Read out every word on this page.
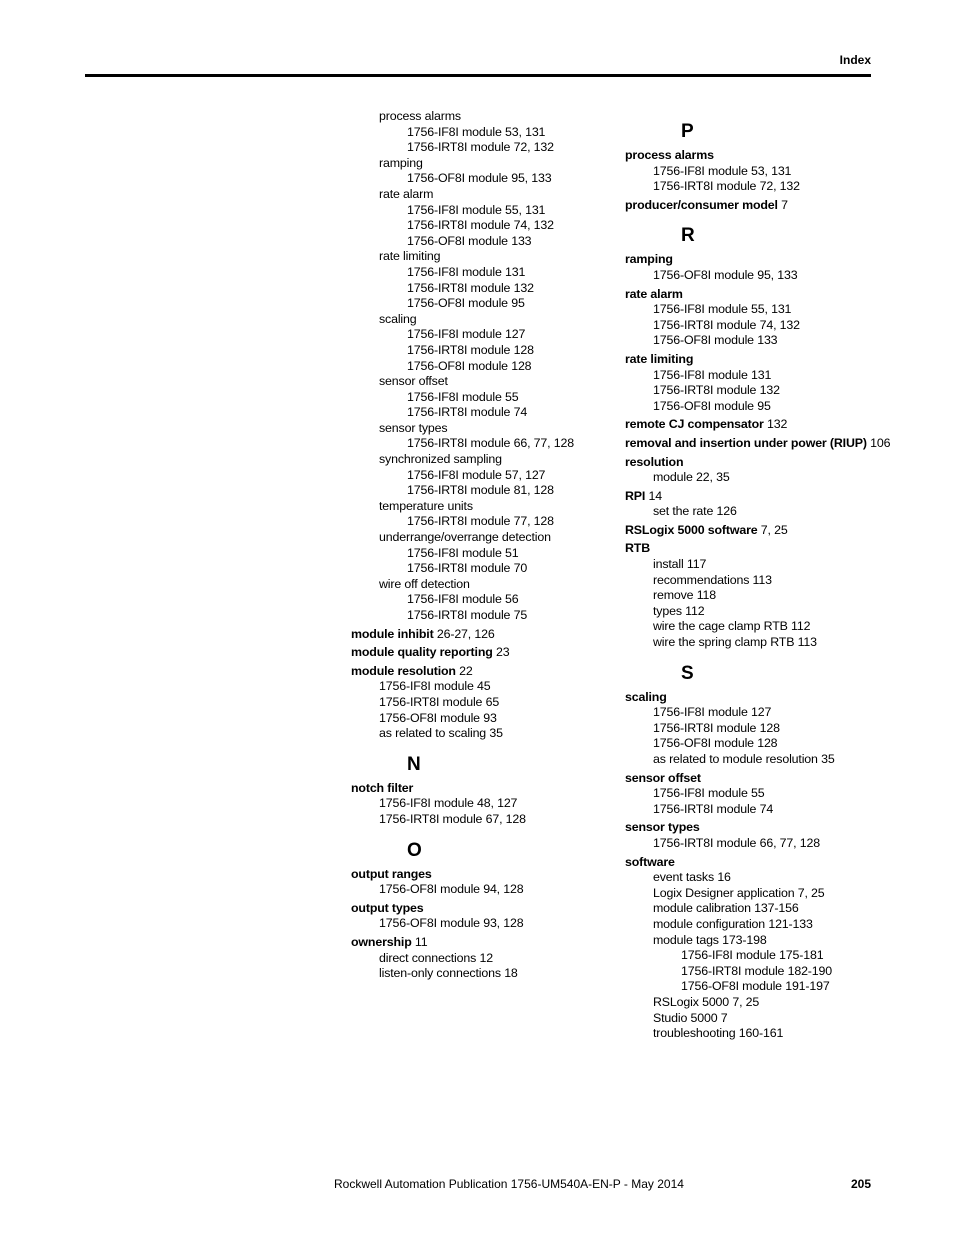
Index
process alarms
1756-IF8I module 53, 131
1756-IRT8I module 72, 132
ramping
1756-OF8I module 95, 133
rate alarm
1756-IF8I module 55, 131
1756-IRT8I module 74, 132
1756-OF8I module 133
rate limiting
1756-IF8I module 131
1756-IRT8I module 132
1756-OF8I module 95
scaling
1756-IF8I module 127
1756-IRT8I module 128
1756-OF8I module 128
sensor offset
1756-IF8I module 55
1756-IRT8I module 74
sensor types
1756-IRT8I module 66, 77, 128
synchronized sampling
1756-IF8I module 57, 127
1756-IRT8I module 81, 128
temperature units
1756-IRT8I module 77, 128
underrange/overrange detection
1756-IF8I module 51
1756-IRT8I module 70
wire off detection
1756-IF8I module 56
1756-IRT8I module 75
module inhibit 26-27, 126
module quality reporting 23
module resolution 22
1756-IF8I module 45
1756-IRT8I module 65
1756-OF8I module 93
as related to scaling 35
N
notch filter
1756-IF8I module 48, 127
1756-IRT8I module 67, 128
O
output ranges
1756-OF8I module 94, 128
output types
1756-OF8I module 93, 128
ownership 11
direct connections 12
listen-only connections 18
P
process alarms
1756-IF8I module 53, 131
1756-IRT8I module 72, 132
producer/consumer model 7
R
ramping
1756-OF8I module 95, 133
rate alarm
1756-IF8I module 55, 131
1756-IRT8I module 74, 132
1756-OF8I module 133
rate limiting
1756-IF8I module 131
1756-IRT8I module 132
1756-OF8I module 95
remote CJ compensator 132
removal and insertion under power (RIUP) 106
resolution
module 22, 35
RPI 14
set the rate 126
RSLogix 5000 software 7, 25
RTB
install 117
recommendations 113
remove 118
types 112
wire the cage clamp RTB 112
wire the spring clamp RTB 113
S
scaling
1756-IF8I module 127
1756-IRT8I module 128
1756-OF8I module 128
as related to module resolution 35
sensor offset
1756-IF8I module 55
1756-IRT8I module 74
sensor types
1756-IRT8I module 66, 77, 128
software
event tasks 16
Logix Designer application 7, 25
module calibration 137-156
module configuration 121-133
module tags 173-198
1756-IF8I module 175-181
1756-IRT8I module 182-190
1756-OF8I module 191-197
RSLogix 5000 7, 25
Studio 5000 7
troubleshooting 160-161
Rockwell Automation Publication 1756-UM540A-EN-P - May 2014	205
